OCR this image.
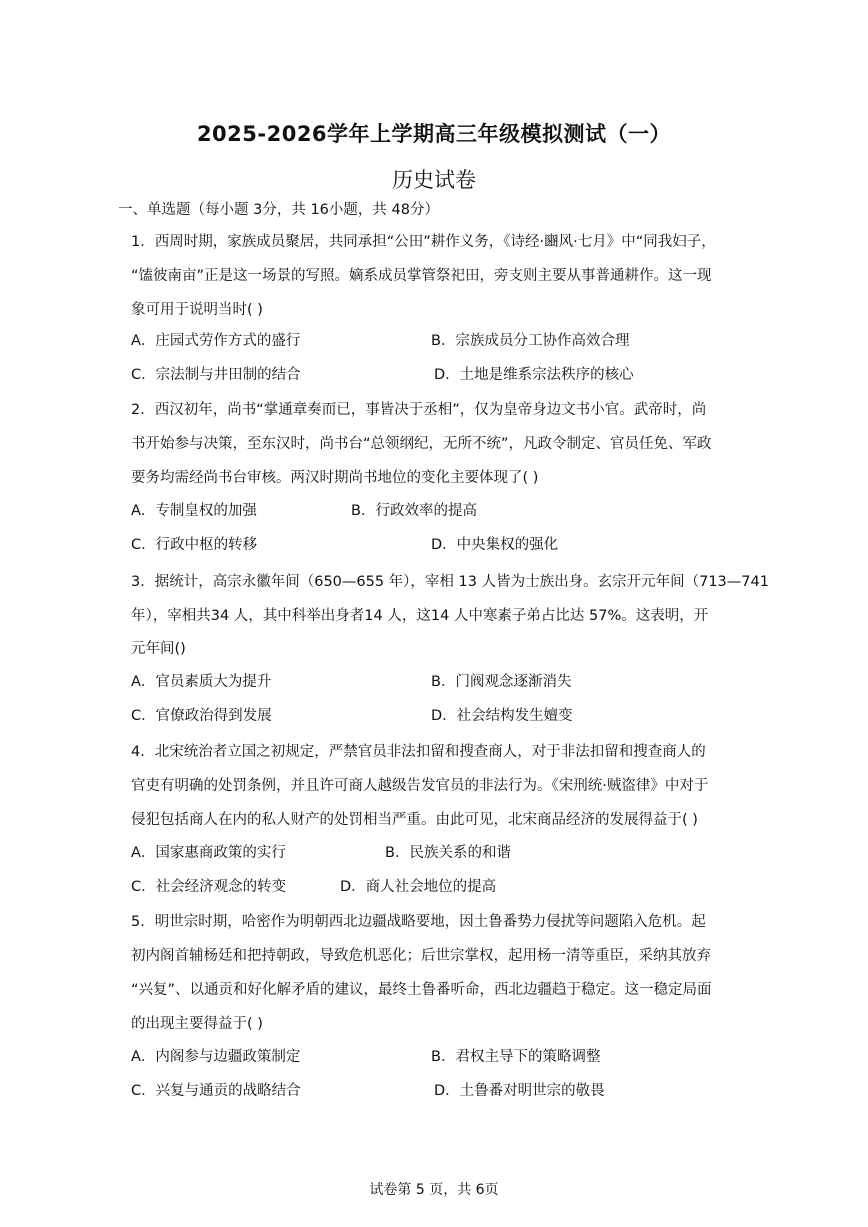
2025-2026学年上学期高三年级模拟测试（一）
历史试卷
一、单选题（每小题 3分，共 16小题，共 48分）
1．西周时期，家族成员聚居，共同承担“公田”耕作义务，《诗经·豳风·七月》中“同我妇子，
“馌彼南亩”正是这一场景的写照。嫡系成员掌管祭祀田，旁支则主要从事普通耕作。这一现
象可用于说明当时( )
A．庄园式劳作方式的盛行	B．宗族成员分工协作高效合理
C．宗法制与井田制的结合	D．土地是维系宗法秩序的核心
2．西汉初年，尚书“掌通章奏而已，事皆决于丞相”，仅为皇帝身边文书小官。武帝时，尚
书开始参与决策，至东汉时，尚书台“总领纲纪，无所不统”，凡政令制定、官员任免、军政
要务均需经尚书台审核。两汉时期尚书地位的变化主要体现了( )
A．专制皇权的加强	B．行政效率的提高
C．行政中枢的转移	D．中央集权的强化
3．据统计，高宗永徽年间（650—655 年），宰相 13 人皆为士族出身。玄宗开元年间（713—741
年），宰相共34 人，其中科举出身者14 人，这14 人中寒素子弟占比达 57%。这表明，开
元年间()
A．官员素质大为提升	B．门阀观念逐渐消失
C．官僚政治得到发展	D．社会结构发生嬗变
4．北宋统治者立国之初规定，严禁官员非法扣留和搜查商人，对于非法扣留和搜查商人的
官吏有明确的处罚条例，并且许可商人越级告发官员的非法行为。《宋刑统·贼盗律》中对于
侵犯包括商人在内的私人财产的处罚相当严重。由此可见，北宋商品经济的发展得益于( )
A．国家惠商政策的实行	B．民族关系的和谐
C．社会经济观念的转变	D．商人社会地位的提高
5．明世宗时期，哈密作为明朝西北边疆战略要地，因土鲁番势力侵扰等问题陷入危机。起
初内阁首辅杨廷和把持朝政，导致危机恶化；后世宗掌权，起用杨一清等重臣，采纳其放弃
“兴复”、以通贡和好化解矛盾的建议，最终土鲁番听命，西北边疆趋于稳定。这一稳定局面
的出现主要得益于( )
A．内阁参与边疆政策制定	B．君权主导下的策略调整
C．兴复与通贡的战略结合	D．土鲁番对明世宗的敬畏
试卷第 5 页，共 6页
